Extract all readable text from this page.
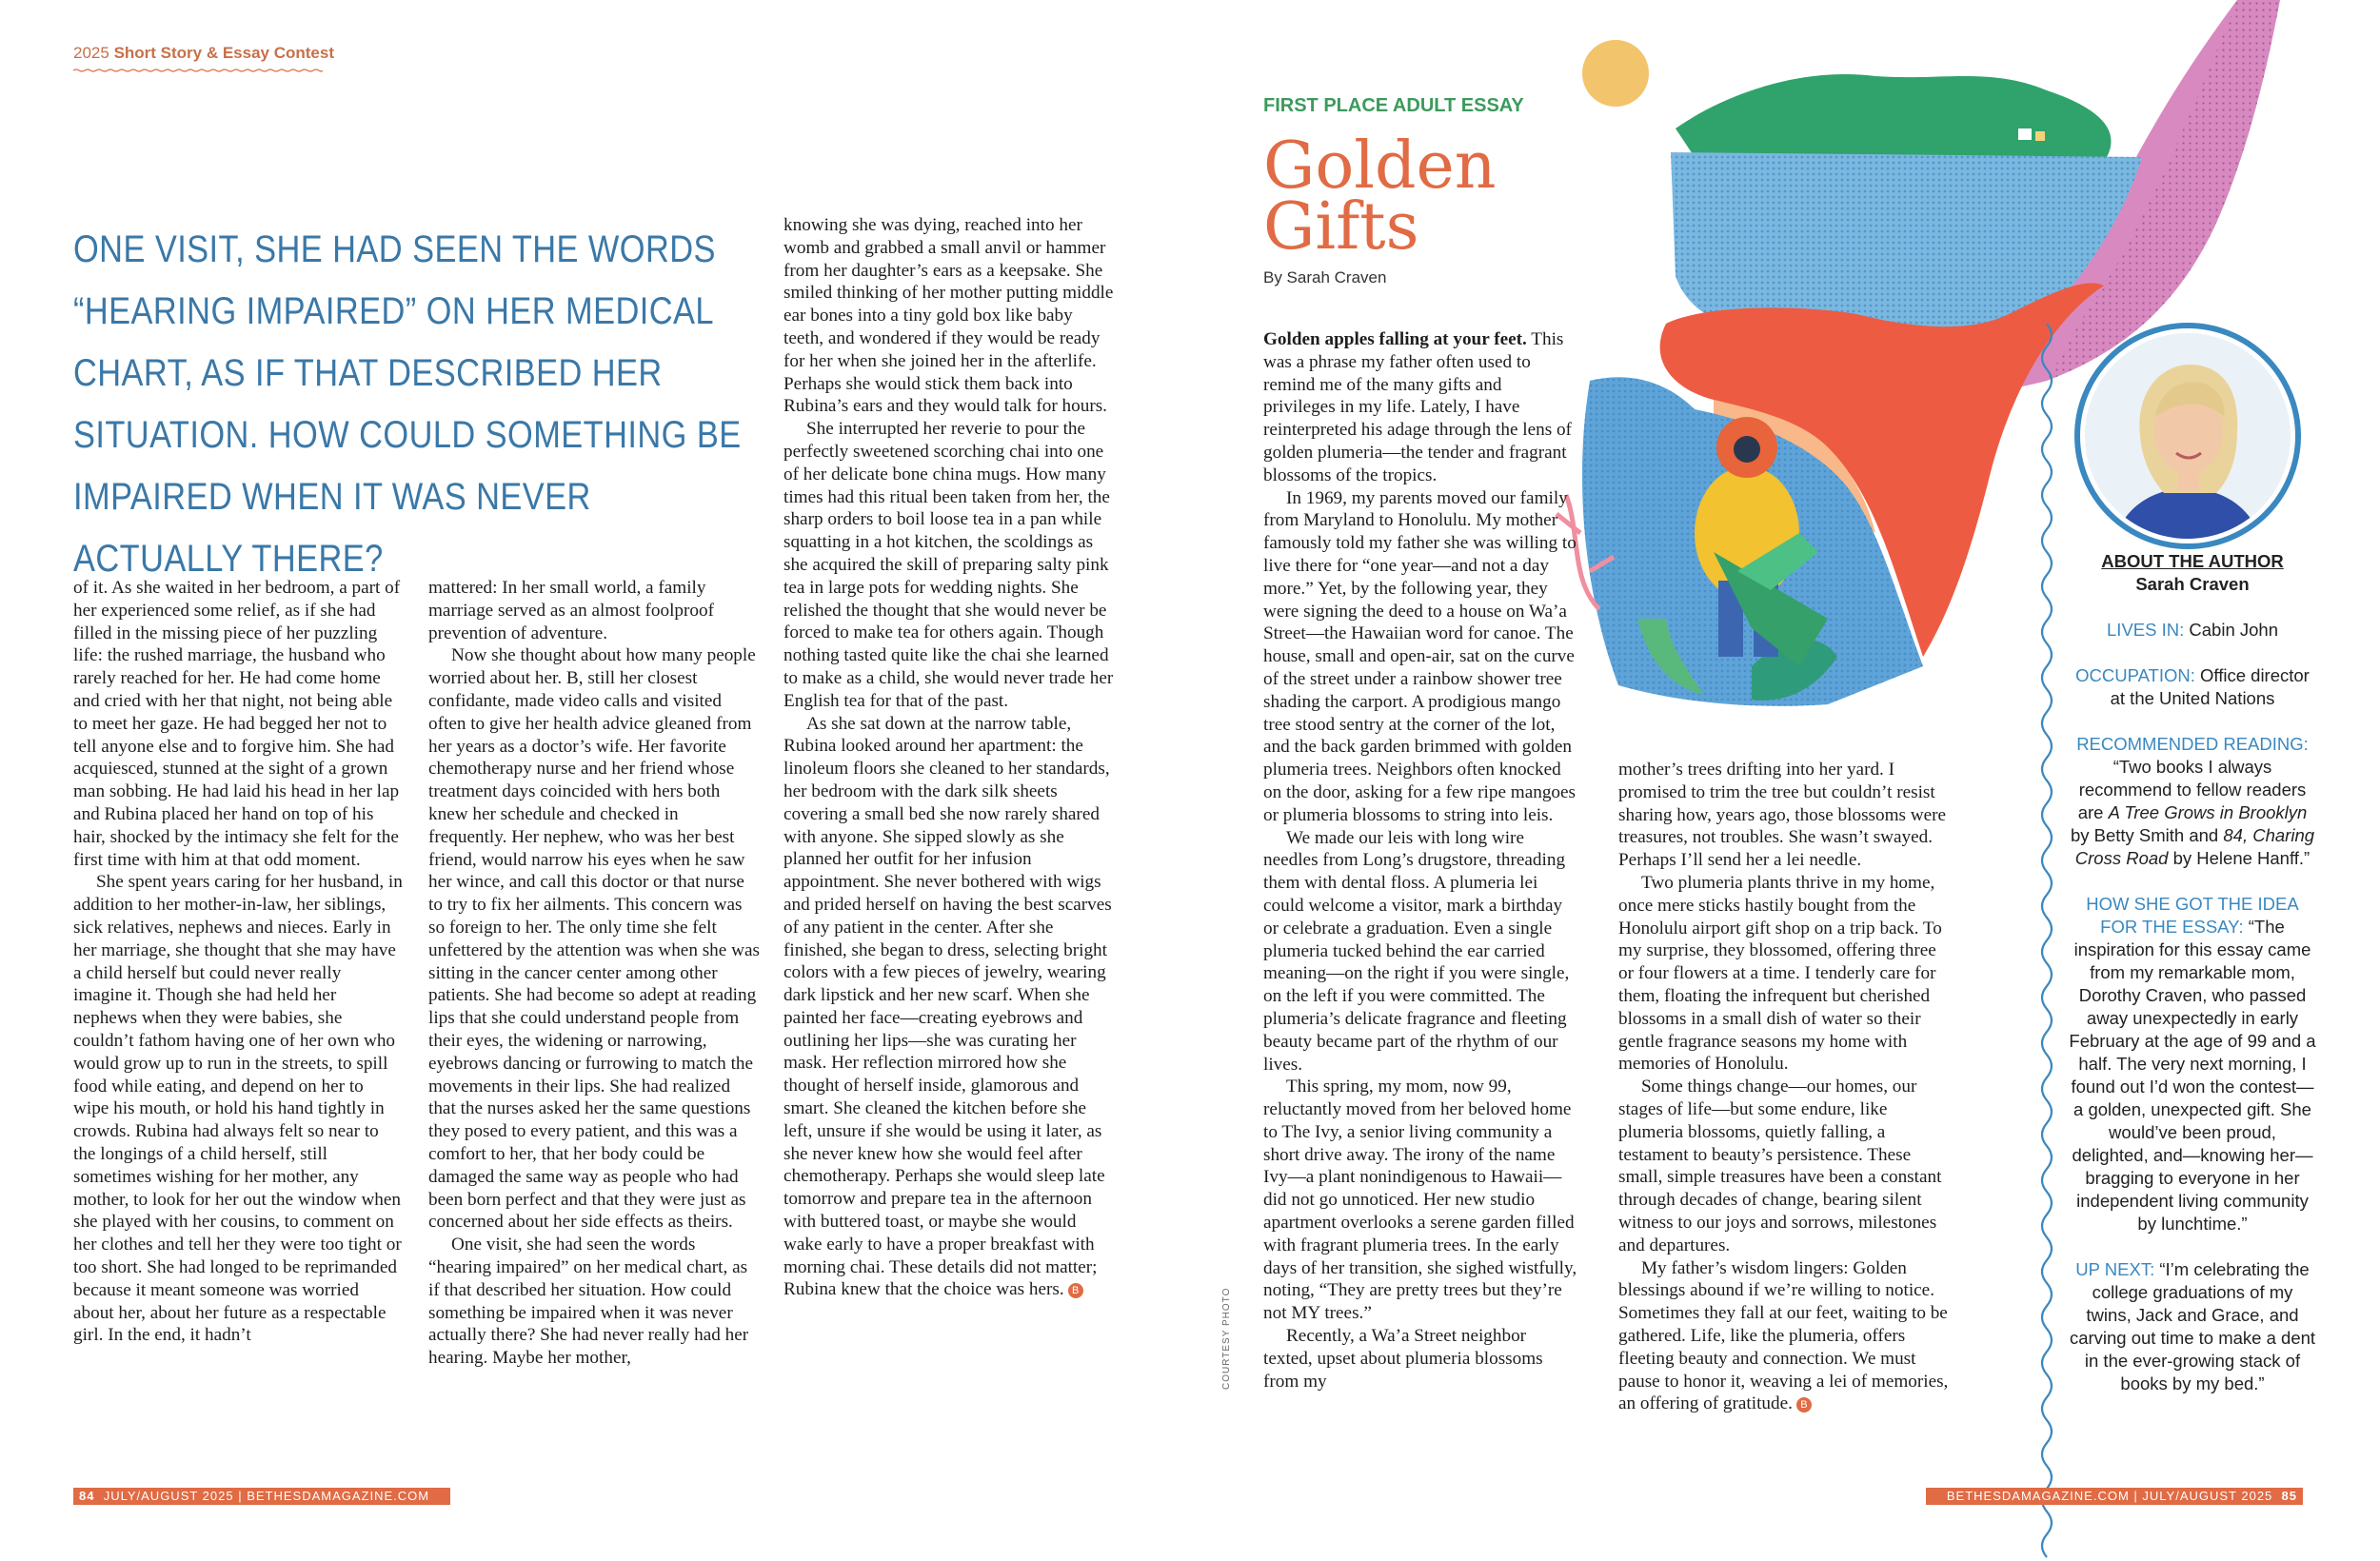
2025 Short Story & Essay Contest
ONE VISIT, SHE HAD SEEN THE WORDS “HEARING IMPAIRED” ON HER MEDICAL CHART, AS IF THAT DESCRIBED HER SITUATION. HOW COULD SOMETHING BE IMPAIRED WHEN IT WAS NEVER ACTUALLY THERE?

of it. As she waited in her bedroom, a part of her experienced some relief, as if she had filled in the missing piece of her puzzling life: the rushed marriage, the husband who rarely reached for her. He had come home and cried with her that night, not being able to meet her gaze. He had begged her not to tell anyone else and to forgive him. She had acquiesced, stunned at the sight of a grown man sobbing. He had laid his head in her lap and Rubina placed her hand on top of his hair, shocked by the intimacy she felt for the first time with him at that odd moment.

She spent years caring for her husband, in addition to her mother-in-law, her siblings, sick relatives, nephews and nieces. Early in her marriage, she thought that she may have a child herself but could never really imagine it. Though she had held her nephews when they were babies, she couldn’t fathom having one of her own who would grow up to run in the streets, to spill food while eating, and depend on her to wipe his mouth, or hold his hand tightly in crowds. Rubina had always felt so near to the longings of a child herself, still sometimes wishing for her mother, any mother, to look for her out the window when she played with her cousins, to comment on her clothes and tell her they were too tight or too short. She had longed to be reprimanded because it meant someone was worried about her, about her future as a respectable girl. In the end, it hadn’t

mattered: In her small world, a family marriage served as an almost foolproof prevention of adventure.

Now she thought about how many people worried about her. B, still her closest confidante, made video calls and visited often to give her health advice gleaned from her years as a doctor’s wife. Her favorite chemotherapy nurse and her friend whose treatment days coincided with hers both knew her schedule and checked in frequently. Her nephew, who was her best friend, would narrow his eyes when he saw her wince, and call this doctor or that nurse to try to fix her ailments. This concern was so foreign to her. The only time she felt unfettered by the attention was when she was sitting in the cancer center among other patients. She had become so adept at reading lips that she could understand people from their eyes, the widening or narrowing, eyebrows dancing or furrowing to match the movements in their lips. She had realized that the nurses asked her the same questions they posed to every patient, and this was a comfort to her, that her body could be damaged the same way as people who had been born perfect and that they were just as concerned about her side effects as theirs.

One visit, she had seen the words “hearing impaired” on her medical chart, as if that described her situation. How could something be impaired when it was never actually there? She had never really had her hearing. Maybe her mother,

knowing she was dying, reached into her womb and grabbed a small anvil or hammer from her daughter’s ears as a keepsake. She smiled thinking of her mother putting middle ear bones into a tiny gold box like baby teeth, and wondered if they would be ready for her when she joined her in the afterlife. Perhaps she would stick them back into Rubina’s ears and they would talk for hours.

She interrupted her reverie to pour the perfectly sweetened scorching chai into one of her delicate bone china mugs. How many times had this ritual been taken from her, the sharp orders to boil loose tea in a pan while squatting in a hot kitchen, the scoldings as she acquired the skill of preparing salty pink tea in large pots for wedding nights. She relished the thought that she would never be forced to make tea for others again. Though nothing tasted quite like the chai she learned to make as a child, she would never trade her English tea for that of the past.

As she sat down at the narrow table, Rubina looked around her apartment: the linoleum floors she cleaned to her standards, her bedroom with the dark silk sheets covering a small bed she now rarely shared with anyone. She sipped slowly as she planned her outfit for her infusion appointment. She never bothered with wigs and prided herself on having the best scarves of any patient in the center. After she finished, she began to dress, selecting bright colors with a few pieces of jewelry, wearing dark lipstick and her new scarf. When she painted her face—creating eyebrows and outlining her lips—she was curating her mask. Her reflection mirrored how she thought of herself inside, glamorous and smart. She cleaned the kitchen before she left, unsure if she would be using it later, as she never knew how she would feel after chemotherapy. Perhaps she would sleep late tomorrow and prepare tea in the afternoon with buttered toast, or maybe she would wake early to have a proper breakfast with morning chai. These details did not matter; Rubina knew that the choice was hers. B

84 JULY/AUGUST 2025 | BETHESDAMAGAZINE.COM
FIRST PLACE ADULT ESSAY
Golden
Gifts
By Sarah Craven

Golden apples falling at your feet. This was a phrase my father often used to remind me of the many gifts and privileges in my life. Lately, I have reinterpreted his adage through the lens of golden plumeria—the tender and fragrant blossoms of the tropics.

In 1969, my parents moved our family from Maryland to Honolulu. My mother famously told my father she was willing to live there for “one year—and not a day more.” Yet, by the following year, they were signing the deed to a house on Wa’a Street—the Hawaiian word for canoe. The house, small and open-air, sat on the curve of the street under a rainbow shower tree shading the carport. A prodigious mango tree stood sentry at the corner of the lot, and the back garden brimmed with golden plumeria trees. Neighbors often knocked on the door, asking for a few ripe mangoes or plumeria blossoms to string into leis.

We made our leis with long wire needles from Long’s drugstore, threading them with dental floss. A plumeria lei could welcome a visitor, mark a birthday or celebrate a graduation. Even a single plumeria tucked behind the ear carried meaning—on the right if you were single, on the left if you were committed. The plumeria’s delicate fragrance and fleeting beauty became part of the rhythm of our lives.

This spring, my mom, now 99, reluctantly moved from her beloved home to The Ivy, a senior living community a short drive away. The irony of the name Ivy—a plant nonindigenous to Hawaii—did not go unnoticed. Her new studio apartment overlooks a serene garden filled with fragrant plumeria trees. In the early days of her transition, she sighed wistfully, noting, “They are pretty trees but they’re not MY trees.”

Recently, a Wa’a Street neighbor texted, upset about plumeria blossoms from my

mother’s trees drifting into her yard. I promised to trim the tree but couldn’t resist sharing how, years ago, those blossoms were treasures, not troubles. She wasn’t swayed. Perhaps I’ll send her a lei needle.

Two plumeria plants thrive in my home, once mere sticks hastily bought from the Honolulu airport gift shop on a trip back. To my surprise, they blossomed, offering three or four flowers at a time. I tenderly care for them, floating the infrequent but cherished blossoms in a small dish of water so their gentle fragrance seasons my home with memories of Honolulu.

Some things change—our homes, our stages of life—but some endure, like plumeria blossoms, quietly falling, a testament to beauty’s persistence. These small, simple treasures have been a constant through decades of change, bearing silent witness to our joys and sorrows, milestones and departures.

My father’s wisdom lingers: Golden blessings abound if we’re willing to notice. Sometimes they fall at our feet, waiting to be gathered. Life, like the plumeria, offers fleeting beauty and connection. We must pause to honor it, weaving a lei of memories, an offering of gratitude. B

COURTESY PHOTO
ABOUT THE AUTHOR
Sarah Craven
LIVES IN: Cabin John
OCCUPATION: Office director at the United Nations
RECOMMENDED READING:
“Two books I always recommend to fellow readers are A Tree Grows in Brooklyn by Betty Smith and 84, Charing Cross Road by Helene Hanff.”
HOW SHE GOT THE IDEA FOR THE ESSAY: “The inspiration for this essay came from my remarkable mom, Dorothy Craven, who passed away unexpectedly in early February at the age of 99 and a half. The very next morning, I found out I’d won the contest—a golden, unexpected gift. She would’ve been proud, delighted, and—knowing her—bragging to everyone in her independent living community by lunchtime.”
UP NEXT: “I’m celebrating the college graduations of my twins, Jack and Grace, and carving out time to make a dent in the ever-growing stack of books by my bed.”
BETHESDAMAGAZINE.COM | JULY/AUGUST 2025 85
